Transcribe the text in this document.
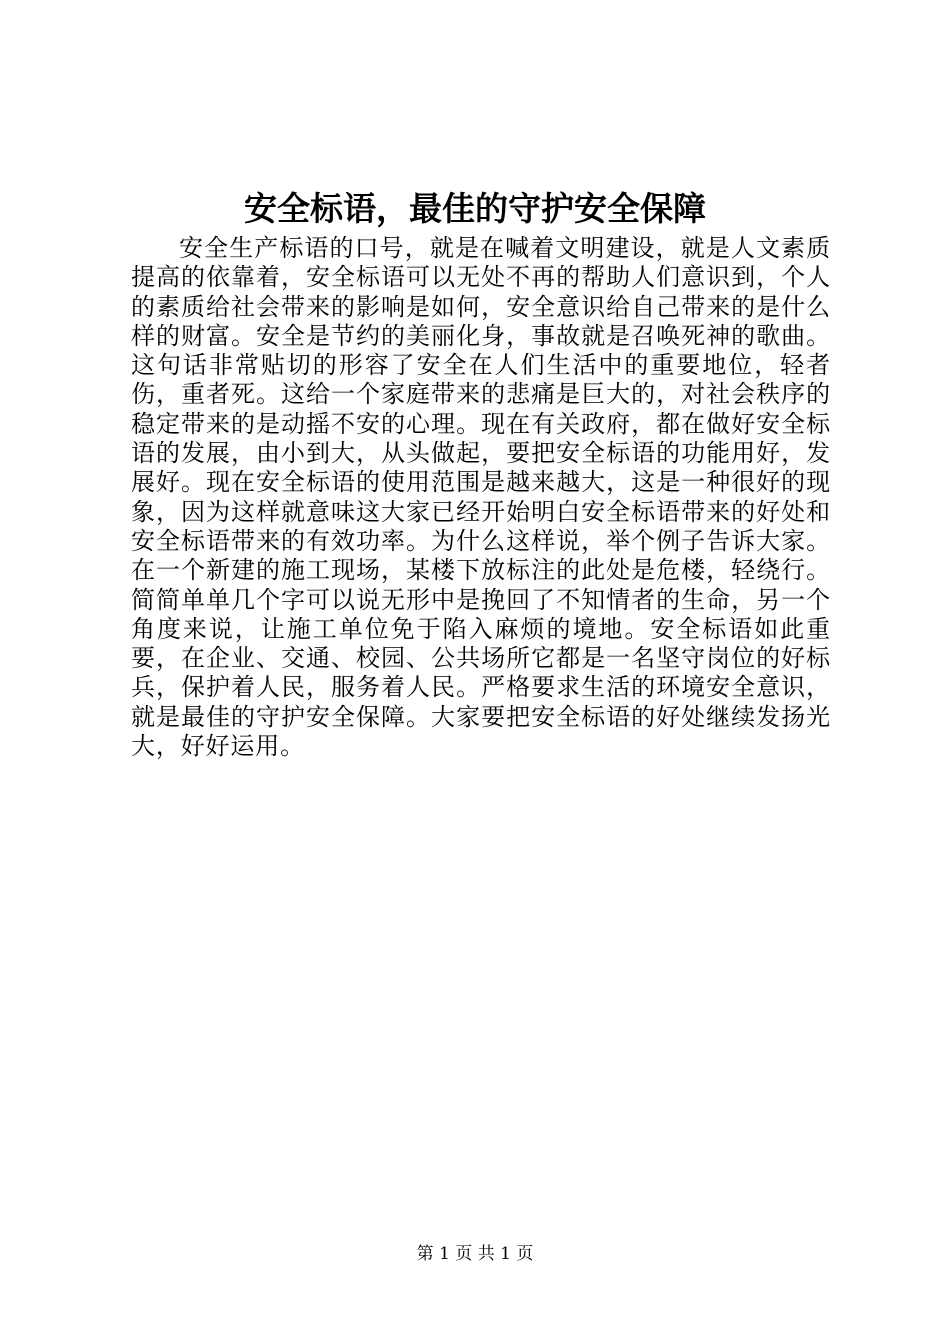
安全标语，最佳的守护安全保障

安全生产标语的口号，就是在喊着文明建设，就是人文素质提高的依靠着，安全标语可以无处不再的帮助人们意识到，个人的素质给社会带来的影响是如何，安全意识给自己带来的是什么样的财富。安全是节约的美丽化身，事故就是召唤死神的歌曲。这句话非常贴切的形容了安全在人们生活中的重要地位，轻者伤，重者死。这给一个家庭带来的悲痛是巨大的，对社会秩序的稳定带来的是动摇不安的心理。现在有关政府，都在做好安全标语的发展，由小到大，从头做起，要把安全标语的功能用好，发展好。现在安全标语的使用范围是越来越大，这是一种很好的现象，因为这样就意味这大家已经开始明白安全标语带来的好处和安全标语带来的有效功率。为什么这样说，举个例子告诉大家。在一个新建的施工现场，某楼下放标注的此处是危楼，轻绕行。简简单单几个字可以说无形中是挽回了不知情者的生命，另一个角度来说，让施工单位免于陷入麻烦的境地。安全标语如此重要，在企业、交通、校园、公共场所它都是一名坚守岗位的好标兵，保护着人民，服务着人民。严格要求生活的环境安全意识，就是最佳的守护安全保障。大家要把安全标语的好处继续发扬光大，好好运用。

第 1 页 共 1 页
